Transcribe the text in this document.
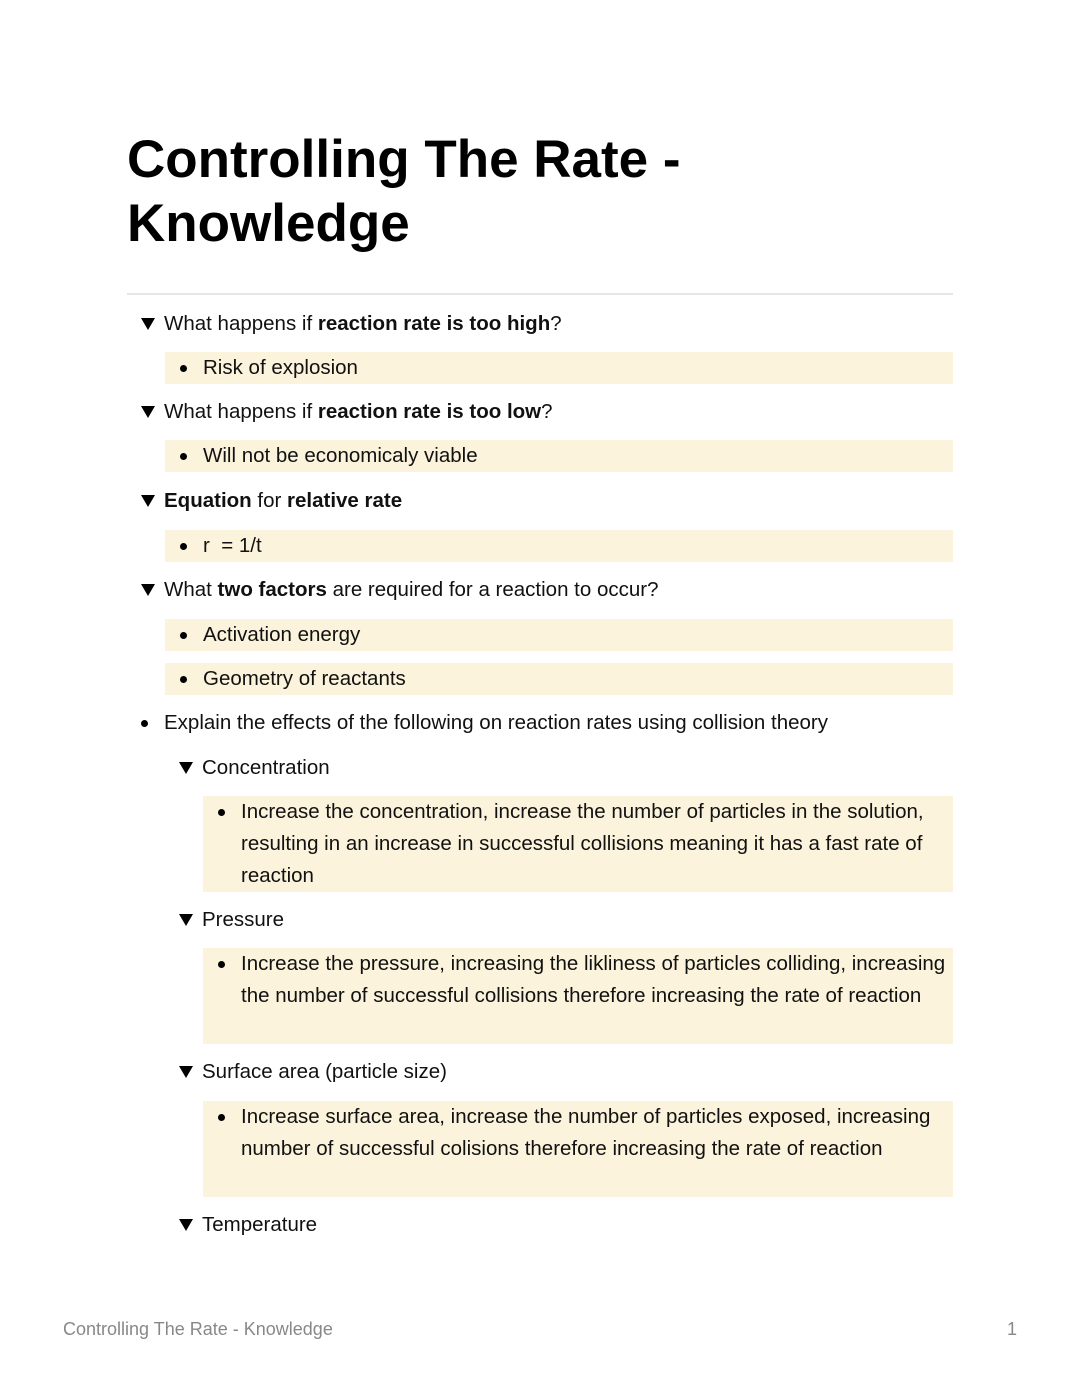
Controlling The Rate - Knowledge
What happens if reaction rate is too high?
Risk of explosion
What happens if reaction rate is too low?
Will not be economicaly viable
Equation for relative rate
r  = 1/t
What two factors are required for a reaction to occur?
Activation energy
Geometry of reactants
Explain the effects of the following on reaction rates using collision theory
Concentration
Increase the concentration, increase the number of particles in the solution, resulting in an increase in successful collisions meaning it has a fast rate of reaction
Pressure
Increase the pressure, increasing the likliness of particles colliding, increasing the number of successful collisions therefore increasing the rate of reaction
Surface area (particle size)
Increase surface area, increase the number of particles exposed, increasing number of successful colisions therefore increasing the rate of reaction
Temperature
Controlling The Rate - Knowledge	1
